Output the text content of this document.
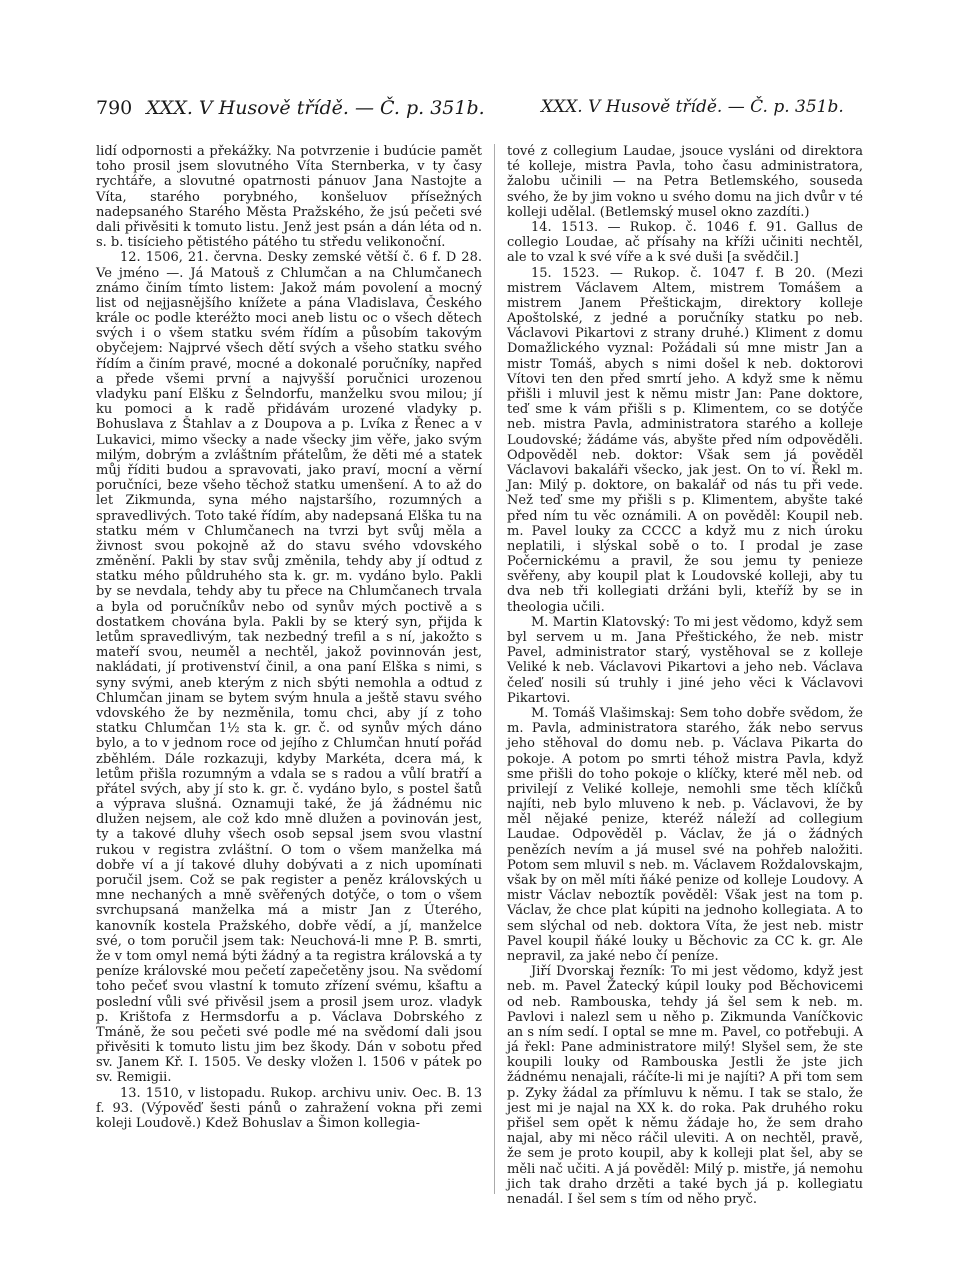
790 XXX. V Husově třídě. — Č. p. 351b.	XXX. V Husově třídě. — Č. p. 351b.

lidí odpornosti a překážky. Na potvrzenie i budúcie pamět toho prosil jsem slovutného Víta Sternberka, v ty časy rychtáře, a slovutné opatrnosti pánuov Jana Nastojte a Víta, starého porybného, konšeluov přísežných nadepsaného Starého Města Pražského, že jsú pečeti své dali přivěsiti k tomuto listu. Jenž jest psán a dán léta od n. s. b. tisícieho pětistého pátého tu středu velikonoční.

12. 1506, 21. června. Desky zemské větší č. 6 f. D 28. Ve jméno —. Já Matouš z Chlumčan a na Chlumčanech známo činím tímto listem: Jakož mám povolení a mocný list od nejjasnějšího knížete a pána Vladislava, Českého krále oc podle kteréžto moci aneb listu oc o všech dětech svých i o všem statku svém řídím a působím takovým obyčejem: Najprvé všech dětí svých a všeho statku svého řídím a činím pravé, mocné a dokonalé poručníky, napřed a přede všemi první a najvyšší poručnici urozenou vladyku paní Elšku z Šelndorfu, manželku svou milou; jí ku pomoci a k radě přidávám urozené vladyky p. Bohuslava z Štahlav a z Doupova a p. Lvíka z Řenec a v Lukavici, mimo všecky a nade všecky jim věře, jako svým milým, dobrým a zvláštním přátelům, že děti mé a statek můj říditi budou a spravovati, jako praví, mocní a věrní poručníci, beze všeho těchož statku umenšení. A to až do let Zikmunda, syna mého najstaršího, rozumných a spravedlivých. Toto také řídím, aby nadepsaná Elška tu na statku mém v Chlumčanech na tvrzi byt svůj měla a živnost svou pokojně až do stavu svého vdovského změnění. Pakli by stav svůj změnila, tehdy aby jí odtud z statku mého půldruhého sta k. gr. m. vydáno bylo. Pakli by se nevdala, tehdy aby tu přece na Chlumčanech trvala a byla od poručníkův nebo od synův mých poctivě a s dostatkem chována byla. Pakli by se který syn, přijda k letům spravedlivým, tak nezbedný trefil a s ní, jakožto s mateří svou, neuměl a nechtěl, jakož povinnován jest, nakládati, jí protivenství činil, a ona paní Elška s nimi, s syny svými, aneb kterým z nich sbýti nemohla a odtud z Chlumčan jinam se bytem svým hnula a ještě stavu svého vdovského že by nezměnila, tomu chci, aby jí z toho statku Chlumčan 1½ sta k. gr. č. od synův mých dáno bylo, a to v jednom roce od jejího z Chlumčan hnutí pořád zběhlém. Dále rozkazuji, kdyby Markéta, dcera má, k letům přišla rozumným a vdala se s radou a vůlí bratří a přátel svých, aby jí sto k. gr. č. vydáno bylo, s postel šatů a výprava slušná. Oznamuji také, že já žádnému nic dlužen nejsem, ale což kdo mně dlužen a povinován jest, ty a takové dluhy všech osob sepsal jsem svou vlastní rukou v registra zvláštní. O tom o všem manželka má dobře ví a jí takové dluhy dobývati a z nich upomínati poručil jsem. Což se pak register a peněz královských u mne nechaných a mně svěřených dotýče, o tom o všem svrchupsaná manželka má a mistr Jan z Úterého, kanovník kostela Pražského, dobře vědí, a jí, manželce své, o tom poručil jsem tak: Neuchová-li mne P. B. smrti, že v tom omyl nemá býti žádný a ta registra královská a ty peníze královské mou pečetí zapečetěny jsou. Na svědomí toho pečeť svou vlastní k tomuto zřízení svému, kšaftu a poslední vůli své přivěsil jsem a prosil jsem uroz. vladyk p. Krištofa z Hermsdorfu a p. Václava Dobrského z Tmáně, že sou pečeti své podle mé na svědomí dali jsou přivěsiti k tomuto listu jim bez škody. Dán v sobotu před sv. Janem Kř. I. 1505. Ve desky vložen l. 1506 v pátek po sv. Remigii.

13. 1510, v listopadu. Rukop. archivu univ. Oec. B. 13 f. 93. (Výpověď šesti pánů o zahražení vokna při zemi koleji Loudově.) Kdež Bohuslav a Šimon kollegia-

tové z collegium Laudae, jsouce vysláni od direktora té kolleje, mistra Pavla, toho času administratora, žalobu učinili — na Petra Betlemského, souseda svého, že by jim vokno u svého domu na jich dvůr v té kolleji udělal. (Betlemský musel okno zazdíti.)

14. 1513. — Rukop. č. 1046 f. 91. Gallus de collegio Loudae, ač přísahy na kříži učiniti nechtěl, ale to vzal k své víře a k své duši [a svědčil.]

15. 1523. — Rukop. č. 1047 f. B 20. (Mezi mistrem Václavem Altem, mistrem Tomášem a mistrem Janem Přeštickajm, direktory kolleje Apoštolské, z jedné a poručníky statku po neb. Václavovi Pikartovi z strany druhé.) Kliment z domu Domažlického vyznal: Požádali sú mne mistr Jan a mistr Tomáš, abych s nimi došel k neb. doktorovi Vítovi ten den před smrtí jeho. A když sme k němu přišli i mluvil jest k němu mistr Jan: Pane doktore, teď sme k vám přišli s p. Klimentem, co se dotýče neb. mistra Pavla, administratora starého a kolleje Loudovské; žádáme vás, abyšte před ním odpověděli. Odpověděl neb. doktor: Však sem já pověděl Václavovi bakaláři všecko, jak jest. On to ví. Řekl m. Jan: Milý p. doktore, on bakalář od nás tu při vede. Než teď sme my přišli s p. Klimentem, abyšte také před ním tu věc oznámili. A on pověděl: Koupil neb. m. Pavel louky za CCCC a když mu z nich úroku neplatili, i slýskal sobě o to. I prodal je zase Počernickému a pravil, že sou jemu ty penieze svěřeny, aby koupil plat k Loudovské kolleji, aby tu dva neb tři kollegiati držáni byli, kteříž by se in theologia učili.

M. Martin Klatovský: To mi jest vědomo, když sem byl servem u m. Jana Přeštického, že neb. mistr Pavel, administrator starý, vystěhoval se z kolleje Veliké k neb. Václavovi Pikartovi a jeho neb. Václava čeleď nosili sú truhly i jiné jeho věci k Václavovi Pikartovi.

M. Tomáš Vlašimskaj: Sem toho dobře svědom, že m. Pavla, administratora starého, žák nebo servus jeho stěhoval do domu neb. p. Václava Pikarta do pokoje. A potom po smrti téhož mistra Pavla, když sme přišli do toho pokoje o klíčky, které měl neb. od privilejí z Veliké kolleje, nemohli sme těch klíčků najíti, neb bylo mluveno k neb. p. Václavovi, že by měl nějaké penize, kteréž náleží ad collegium Laudae. Odpověděl p. Václav, že já o žádných penězích nevím a já musel své na pohřeb naložiti. Potom sem mluvil s neb. m. Václavem Roždalovskajm, však by on měl míti ňáké penize od kolleje Loudovy. A mistr Václav neboztík pověděl: Však jest na tom p. Václav, že chce plat kúpiti na jednoho kollegiata. A to sem slýchal od neb. doktora Víta, že jest neb. mistr Pavel koupil ňáké louky u Běchovic za CC k. gr. Ale nepravil, za jaké nebo čí peníze.

Jiří Dvorskaj řezník: To mi jest vědomo, když jest neb. m. Pavel Žatecký kúpil louky pod Běchovicemi od neb. Rambouska, tehdy já šel sem k neb. m. Pavlovi i nalezl sem u něho p. Zikmunda Vaníčkovic an s ním sedí. I optal se mne m. Pavel, co potřebuji. A já řekl: Pane administratore milý! Slyšel sem, že ste koupili louky od Rambouska Jestli že jste jich žádnému nenajali, ráčíte-li mi je najíti? A při tom sem p. Zyky žádal za přímluvu k němu. I tak se stalo, že jest mi je najal na XX k. do roka. Pak druhého roku přišel sem opět k němu žádaje ho, že sem draho najal, aby mi něco ráčil uleviti. A on nechtěl, pravě, že sem je proto koupil, aby k kolleji plat šel, aby se měli nač učiti. A já pověděl: Milý p. mistře, já nemohu jich tak draho drzěti a také bych já p. kollegiatu nenadál. I šel sem s tím od něho pryč.
